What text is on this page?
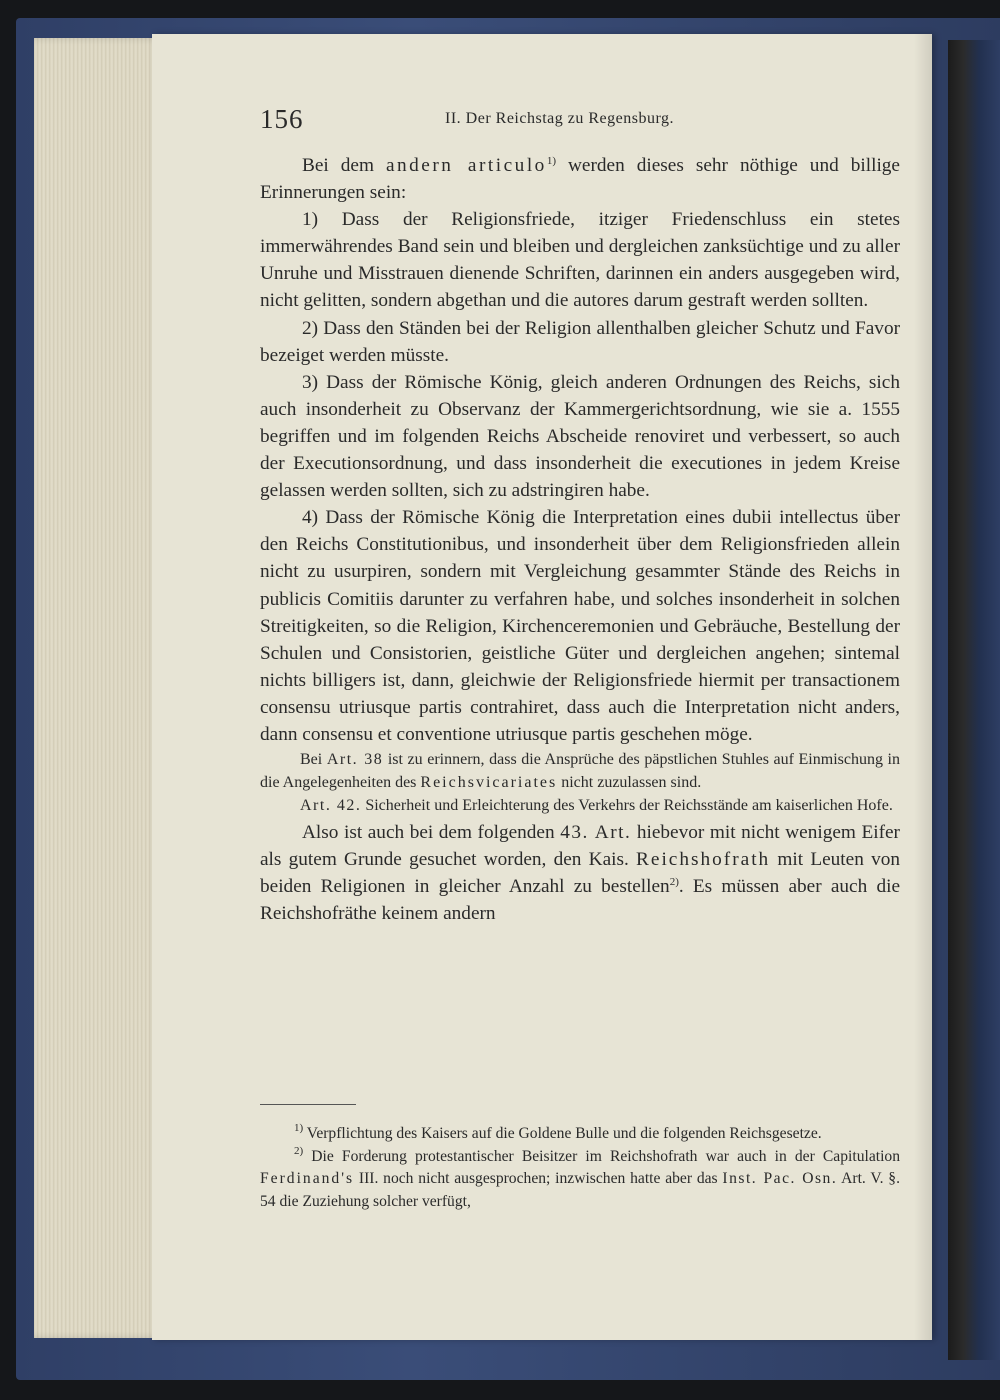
156	II. Der Reichstag zu Regensburg.

Bei dem andern articulo$^{1)}$ werden dieses sehr nöthige und billige Erinnerungen sein:

1) Dass der Religionsfriede, itziger Friedenschluss ein stetes immerwährendes Band sein und bleiben und dergleichen zanksüchtige und zu aller Unruhe und Misstrauen dienende Schriften, darinnen ein anders ausgegeben wird, nicht gelitten, sondern abgethan und die autores darum gestraft werden sollten.

2) Dass den Ständen bei der Religion allenthalben gleicher Schutz und Favor bezeiget werden müsste.

3) Dass der Römische König, gleich anderen Ordnungen des Reichs, sich auch insonderheit zu Observanz der Kammergerichtsordnung, wie sie a. 1555 begriffen und im folgenden Reichs Abscheide renoviret und verbessert, so auch der Executionsordnung, und dass insonderheit die executiones in jedem Kreise gelassen werden sollten, sich zu adstringiren habe.

4) Dass der Römische König die Interpretation eines dubii intellectus über den Reichs Constitutionibus, und insonderheit über dem Religionsfrieden allein nicht zu usurpiren, sondern mit Vergleichung gesammter Stände des Reichs in publicis Comitiis darunter zu verfahren habe, und solches insonderheit in solchen Streitigkeiten, so die Religion, Kirchenceremonien und Gebräuche, Bestellung der Schulen und Consistorien, geistliche Güter und dergleichen angehen; sintemal nichts billigers ist, dann, gleichwie der Religionsfriede hiermit per transactionem consensu utriusque partis contrahiret, dass auch die Interpretation nicht anders, dann consensu et conventione utriusque partis geschehen möge.

Bei Art. 38 ist zu erinnern, dass die Ansprüche des päpstlichen Stuhles auf Einmischung in die Angelegenheiten des Reichsvicariates nicht zuzulassen sind.

Art. 42. Sicherheit und Erleichterung des Verkehrs der Reichsstände am kaiserlichen Hofe.

Also ist auch bei dem folgenden 43. Art. hiebevor mit nicht wenigem Eifer als gutem Grunde gesuchet worden, den Kais. Reichshofrath mit Leuten von beiden Religionen in gleicher Anzahl zu bestellen$^{2)}$. Es müssen aber auch die Reichshofräthe keinem andern

$^{1)}$ Verpflichtung des Kaisers auf die Goldene Bulle und die folgenden Reichsgesetze.

$^{2)}$ Die Forderung protestantischer Beisitzer im Reichshofrath war auch in der Capitulation Ferdinand's III. noch nicht ausgesprochen; inzwischen hatte aber das Inst. Pac. Osn. Art. V. §. 54 die Zuziehung solcher verfügt,
